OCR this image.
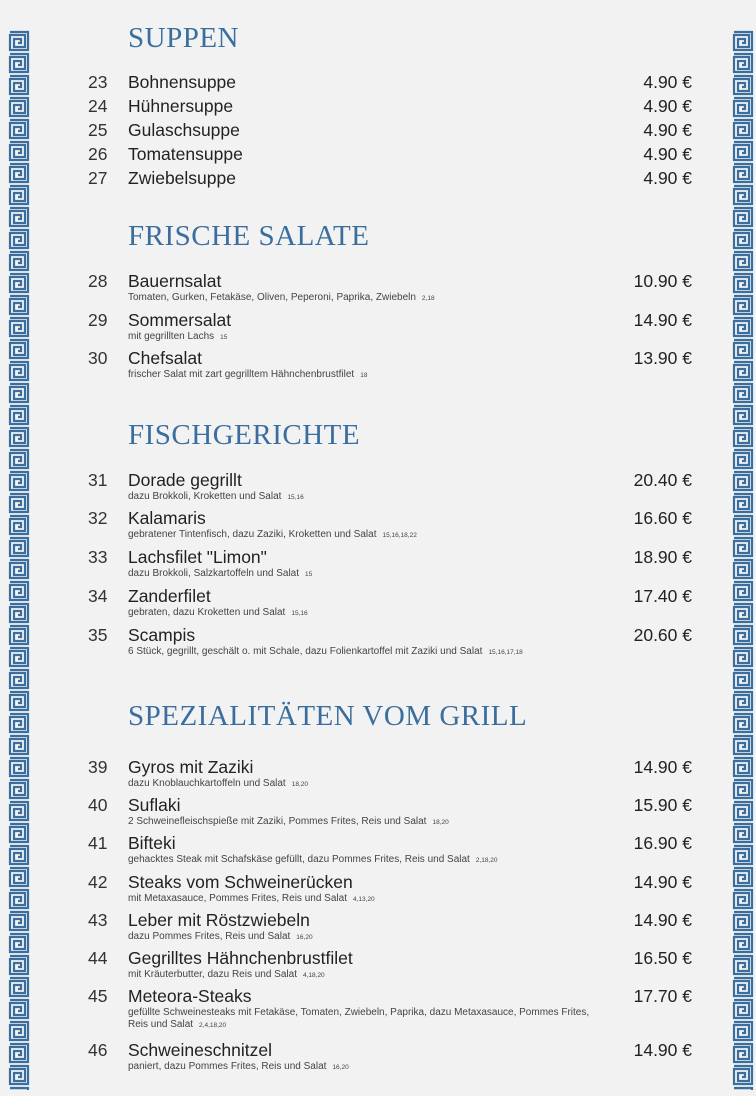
SUPPEN
23 Bohnensuppe	4.90 €
24 Hühnersuppe	4.90 €
25 Gulaschsuppe	4.90 €
26 Tomatensuppe	4.90 €
27 Zwiebelsuppe	4.90 €
FRISCHE SALATE
28 Bauernsalat	10.90 €
Tomaten, Gurken, Fetakäse, Oliven, Peperoni, Paprika, Zwiebeln 2,18
29 Sommersalat	14.90 €
mit gegrillten Lachs 15
30 Chefsalat	13.90 €
frischer Salat mit zart gegrilltem Hähnchenbrustfilet 18
FISCHGERICHTE
31 Dorade gegrillt	20.40 €
dazu Brokkoli, Kroketten und Salat 15,16
32 Kalamaris	16.60 €
gebratener Tintenfisch, dazu Zaziki, Kroketten und Salat 15,16,18,22
33 Lachsfilet "Limon"	18.90 €
dazu Brokkoli, Salzkartoffeln und Salat 15
34 Zanderfilet	17.40 €
gebraten, dazu Kroketten und Salat 15,16
35 Scampis	20.60 €
6 Stück, gegrillt, geschält o. mit Schale, dazu Folienkartoffel mit Zaziki und Salat 15,16,17,18
SPEZIALITÄTEN VOM GRILL
39 Gyros mit Zaziki	14.90 €
dazu Knoblauchkartoffeln und Salat 18,20
40 Suflaki	15.90 €
2 Schweinefleischspieße mit Zaziki, Pommes Frites, Reis und Salat 18,20
41 Bifteki	16.90 €
gehacktes Steak mit Schafskäse gefüllt, dazu Pommes Frites, Reis und Salat 2,18,20
42 Steaks vom Schweinerücken	14.90 €
mit Metaxasauce, Pommes Frites, Reis und Salat 4,13,20
43 Leber mit Röstzwiebeln	14.90 €
dazu Pommes Frites, Reis und Salat 16,20
44 Gegrilltes Hähnchenbrustfilet	16.50 €
mit Kräuterbutter, dazu Reis und Salat 4,18,20
45 Meteora-Steaks	17.70 €
gefüllte Schweinesteaks mit Fetakäse, Tomaten, Zwiebeln, Paprika, dazu Metaxasauce, Pommes Frites, Reis und Salat 2,4,18,20
46 Schweineschnitzel	14.90 €
paniert, dazu Pommes Frites, Reis und Salat 16,20
